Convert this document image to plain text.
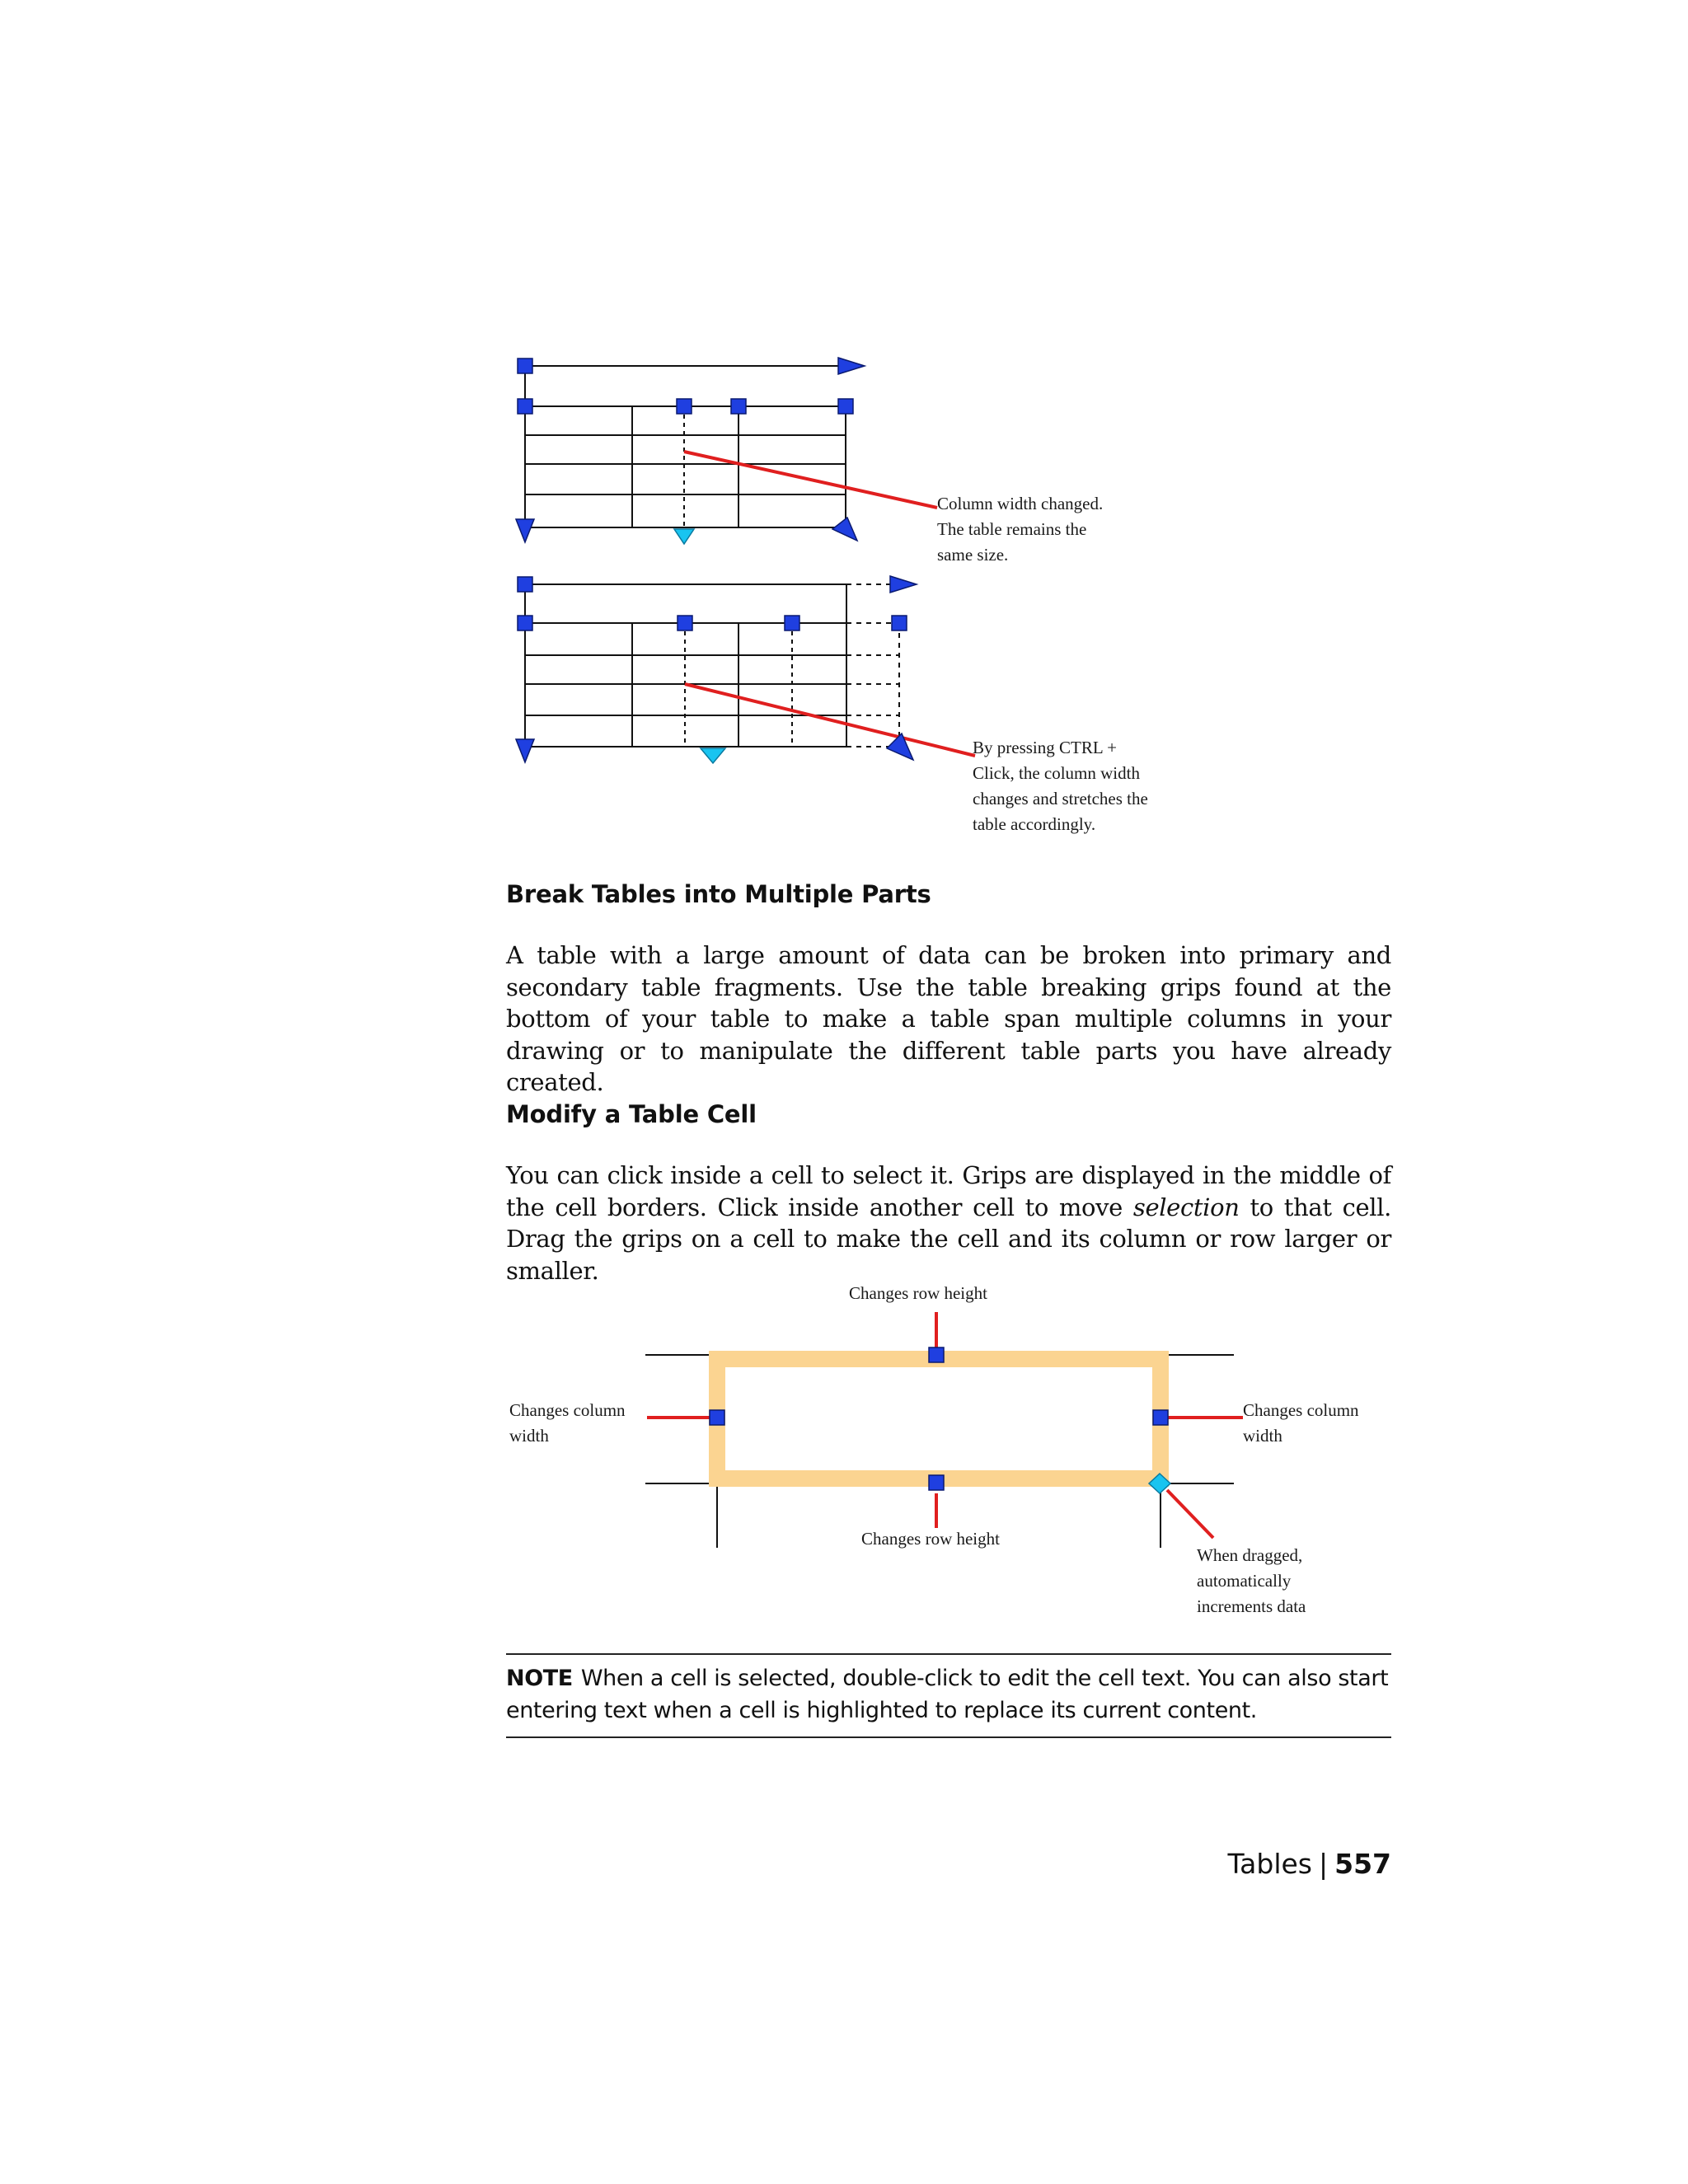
Column width changed. The table remains the same size.
By pressing CTRL + Click, the column width changes and stretches the table accordingly.
Break Tables into Multiple Parts

A table with a large amount of data can be broken into primary and secondary table fragments. Use the table breaking grips found at the bottom of your table to make a table span multiple columns in your drawing or to manipulate the different table parts you have already created.

Modify a Table Cell

You can click inside a cell to select it. Grips are displayed in the middle of the cell borders. Click inside another cell to move selection to that cell. Drag the grips on a cell to make the cell and its column or row larger or smaller.

Changes row height
Changes row height
Changes column width
Changes column width
When dragged, automatically increments data
NOTE When a cell is selected, double-click to edit the cell text. You can also start entering text when a cell is highlighted to replace its current content.
Tables | 557
